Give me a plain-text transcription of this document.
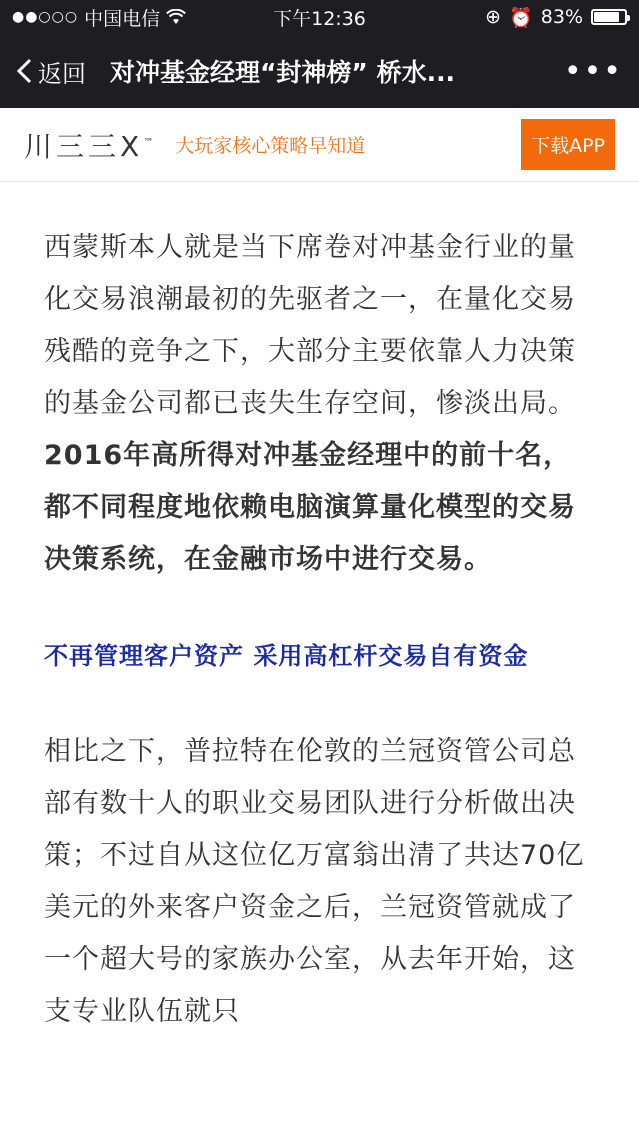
●●○○○ 中国电信	下午12:36	⊕ ⏰ 83%
返回 对冲基金经理“封神榜” 桥水...	•••
川三三X™ 大玩家核心策略早知道	下载APP

西蒙斯本人就是当下席卷对冲基金行业的量化交易浪潮最初的先驱者之一，在量化交易残酷的竞争之下，大部分主要依靠人力决策的基金公司都已丧失生存空间，惨淡出局。2016年高所得对冲基金经理中的前十名，都不同程度地依赖电脑演算量化模型的交易决策系统，在金融市场中进行交易。

不再管理客户资产 采用高杠杆交易自有资金

相比之下，普拉特在伦敦的兰冠资管公司总部有数十人的职业交易团队进行分析做出决策；不过自从这位亿万富翁出清了共达70亿美元的外来客户资金之后，兰冠资管就成了一个超大号的家族办公室，从去年开始，这支专业队伍就只
